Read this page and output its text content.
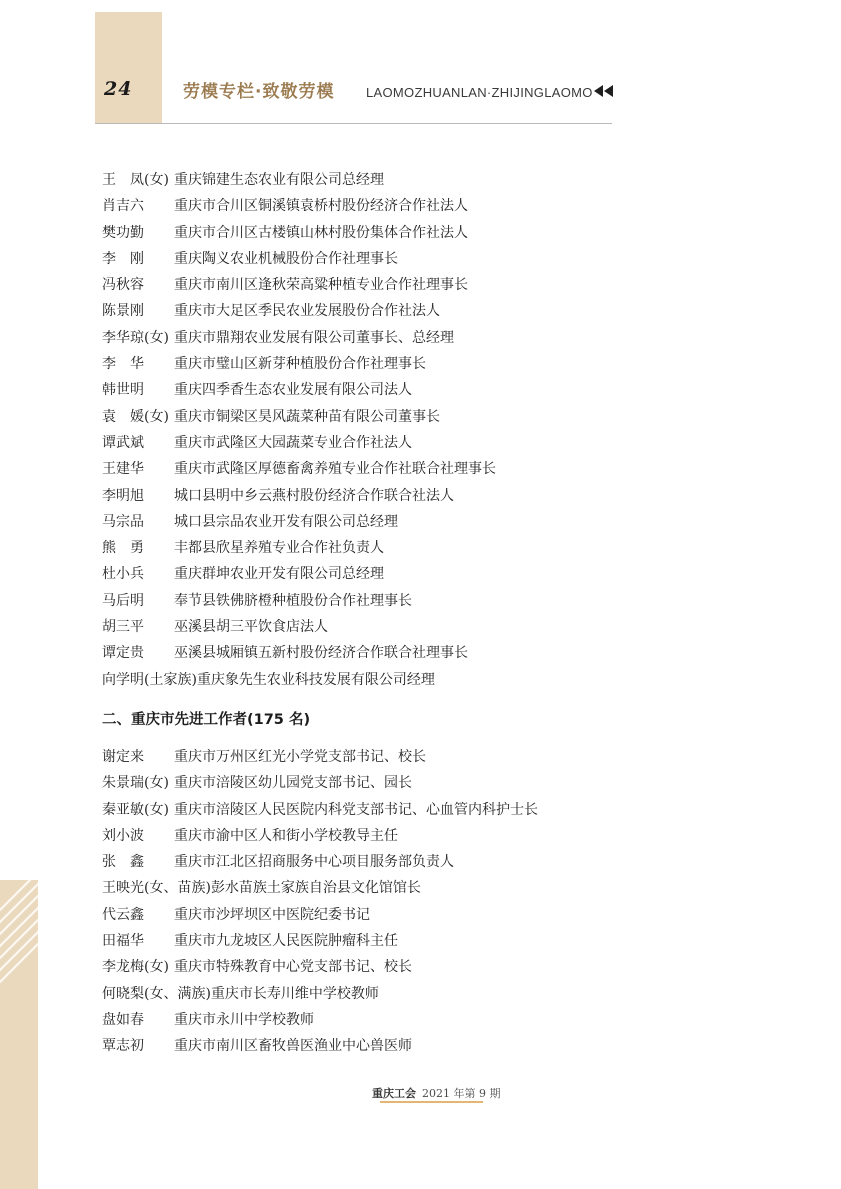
24	劳模专栏·致敬劳模 LAOMOZHUANLAN·ZHIJINGLAOMO
王　凤(女) 重庆锦建生态农业有限公司总经理
肖吉六 重庆市合川区铜溪镇袁桥村股份经济合作社法人
樊功勤 重庆市合川区古楼镇山林村股份集体合作社法人
李　刚 重庆陶义农业机械股份合作社理事长
冯秋容 重庆市南川区逢秋荣高粱种植专业合作社理事长
陈景刚 重庆市大足区季民农业发展股份合作社法人
李华琼(女) 重庆市鼎翔农业发展有限公司董事长、总经理
李　华 重庆市璧山区新芽种植股份合作社理事长
韩世明 重庆四季香生态农业发展有限公司法人
袁　媛(女) 重庆市铜梁区昊风蔬菜种苗有限公司董事长
谭武斌 重庆市武隆区大园蔬菜专业合作社法人
王建华 重庆市武隆区厚德畜禽养殖专业合作社联合社理事长
李明旭 城口县明中乡云燕村股份经济合作联合社法人
马宗品 城口县宗品农业开发有限公司总经理
熊　勇 丰都县欣星养殖专业合作社负责人
杜小兵 重庆群坤农业开发有限公司总经理
马后明 奉节县铁佛脐橙种植股份合作社理事长
胡三平 巫溪县胡三平饮食店法人
谭定贵 巫溪县城厢镇五新村股份经济合作联合社理事长
向学明(土家族)重庆象先生农业科技发展有限公司经理
二、重庆市先进工作者(175 名)
谢定来 重庆市万州区红光小学党支部书记、校长
朱景瑞(女) 重庆市涪陵区幼儿园党支部书记、园长
秦亚敏(女) 重庆市涪陵区人民医院内科党支部书记、心血管内科护士长
刘小波 重庆市渝中区人和街小学校教导主任
张　鑫 重庆市江北区招商服务中心项目服务部负责人
王映光(女、苗族)彭水苗族土家族自治县文化馆馆长
代云鑫 重庆市沙坪坝区中医院纪委书记
田福华 重庆市九龙坡区人民医院肿瘤科主任
李龙梅(女) 重庆市特殊教育中心党支部书记、校长
何晓梨(女、满族)重庆市长寿川维中学校教师
盘如春 重庆市永川中学校教师
覃志初 重庆市南川区畜牧兽医渔业中心兽医师
重庆工会 2021 年第 9 期
